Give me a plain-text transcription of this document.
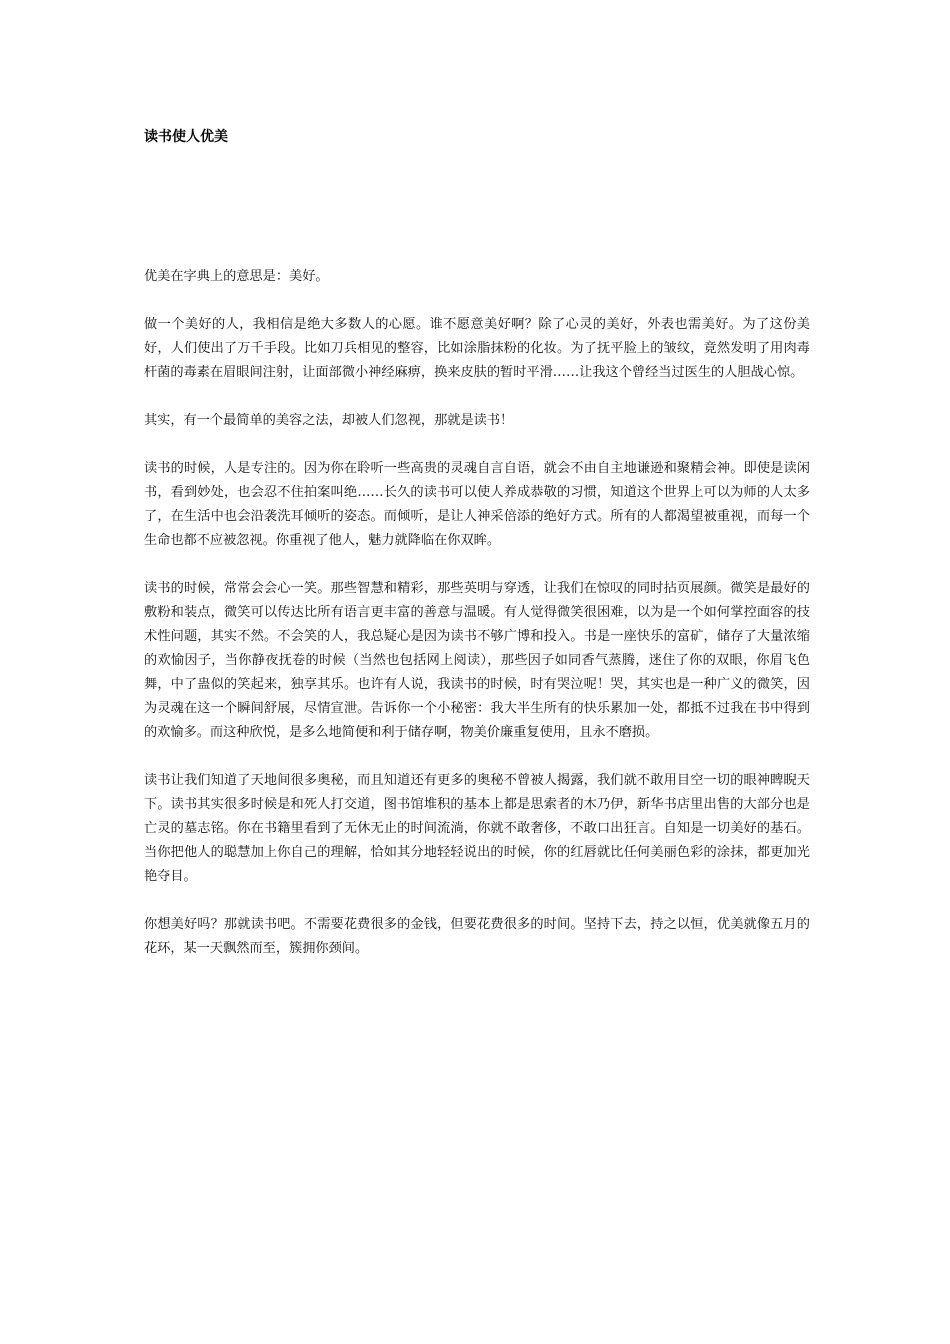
读书使人优美

优美在字典上的意思是：美好。

做一个美好的人，我相信是绝大多数人的心愿。谁不愿意美好啊？除了心灵的美好，外表也需美好。为了这份美好，人们使出了万千手段。比如刀兵相见的整容，比如涂脂抹粉的化妆。为了抚平脸上的皱纹，竟然发明了用肉毒杆菌的毒素在眉眼间注射，让面部微小神经麻痹，换来皮肤的暂时平滑……让我这个曾经当过医生的人胆战心惊。

其实，有一个最简单的美容之法，却被人们忽视，那就是读书！

读书的时候，人是专注的。因为你在聆听一些高贵的灵魂自言自语，就会不由自主地谦逊和聚精会神。即使是读闲书，看到妙处，也会忍不住拍案叫绝……长久的读书可以使人养成恭敬的习惯，知道这个世界上可以为师的人太多了，在生活中也会沿袭洗耳倾听的姿态。而倾听，是让人神采倍添的绝好方式。所有的人都渴望被重视，而每一个生命也都不应被忽视。你重视了他人，魅力就降临在你双眸。

读书的时候，常常会会心一笑。那些智慧和精彩，那些英明与穿透，让我们在惊叹的同时拈页展颜。微笑是最好的敷粉和装点，微笑可以传达比所有语言更丰富的善意与温暖。有人觉得微笑很困难，以为是一个如何掌控面容的技术性问题，其实不然。不会笑的人，我总疑心是因为读书不够广博和投入。书是一座快乐的富矿，储存了大量浓缩的欢愉因子，当你静夜抚卷的时候（当然也包括网上阅读），那些因子如同香气蒸腾，迷住了你的双眼，你眉飞色舞，中了蛊似的笑起来，独享其乐。也许有人说，我读书的时候，时有哭泣呢！哭，其实也是一种广义的微笑，因为灵魂在这一个瞬间舒展，尽情宣泄。告诉你一个小秘密：我大半生所有的快乐累加一处，都抵不过我在书中得到的欢愉多。而这种欣悦，是多么地简便和利于储存啊，物美价廉重复使用，且永不磨损。

读书让我们知道了天地间很多奥秘，而且知道还有更多的奥秘不曾被人揭露，我们就不敢用目空一切的眼神睥睨天下。读书其实很多时候是和死人打交道，图书馆堆积的基本上都是思索者的木乃伊，新华书店里出售的大部分也是亡灵的墓志铭。你在书籍里看到了无休无止的时间流淌，你就不敢奢侈，不敢口出狂言。自知是一切美好的基石。当你把他人的聪慧加上你自己的理解，恰如其分地轻轻说出的时候，你的红唇就比任何美丽色彩的涂抹，都更加光艳夺目。

你想美好吗？那就读书吧。不需要花费很多的金钱，但要花费很多的时间。坚持下去，持之以恒，优美就像五月的花环，某一天飘然而至，簇拥你颈间。
